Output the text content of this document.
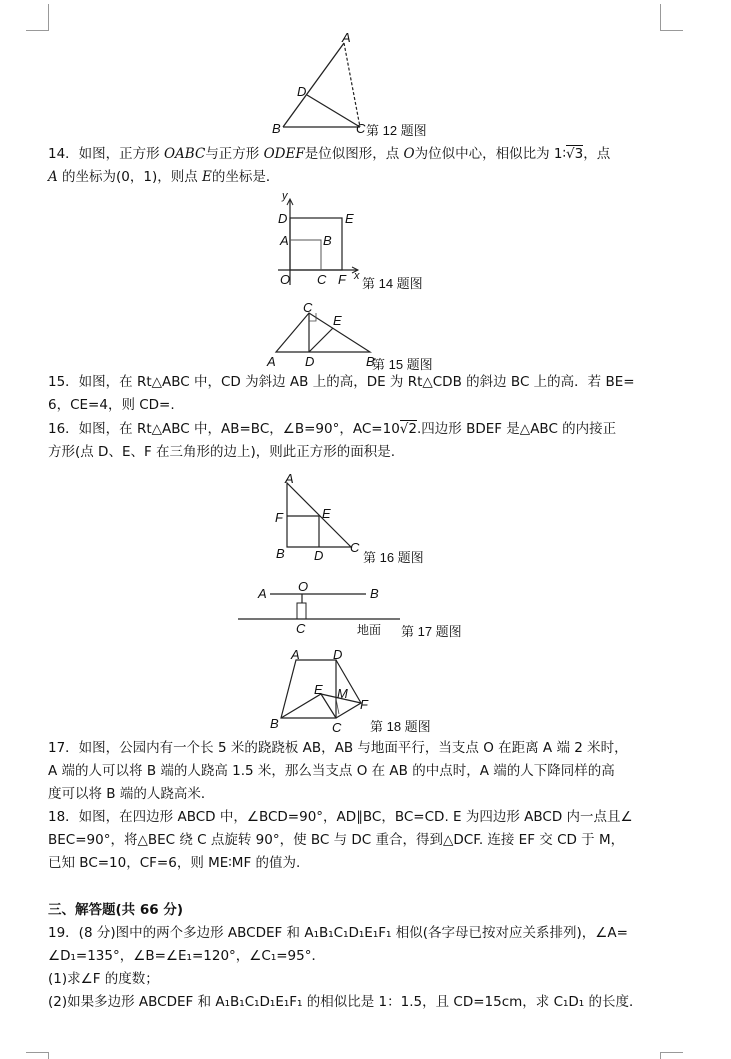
A
D
B	C 第 12 题图
14．如图，正方形 OABC与正方形 ODEF是位似图形，点 O为位似中心，相似比为 1∶√3，点
A 的坐标为(0，1)，则点 E的坐标是．
y
D	E
A	B
O C F x 第 14 题图
C
E
A D	B
第 15 题图
15．如图，在 Rt△ABC 中，CD 为斜边 AB 上的高，DE 为 Rt△CDB 的斜边 BC 上的高．若 BE=
6，CE=4，则 CD=.
16．如图，在 Rt△ABC 中，AB=BC，∠B=90°，AC=10√2.四边形 BDEF 是△ABC 的内接正
方形(点 D、E、F 在三角形的边上)，则此正方形的面积是.
A
F	E
B D
C
第 16 题图
A O	B
C	地面 第 17 题图
A	D
E M
F
B	C 第 18 题图
17．如图，公园内有一个长 5 米的跷跷板 AB，AB 与地面平行，当支点 O 在距离 A 端 2 米时，
A 端的人可以将 B 端的人跷高 1.5 米，那么当支点 O 在 AB 的中点时，A 端的人下降同样的高
度可以将 B 端的人跷高米．
18．如图，在四边形 ABCD 中，∠BCD=90°，AD∥BC，BC=CD. E 为四边形 ABCD 内一点且∠
BEC=90°，将△BEC 绕 C 点旋转 90°，使 BC 与 DC 重合，得到△DCF. 连接 EF 交 CD 于 M，
已知 BC=10，CF=6，则 ME∶MF 的值为.
三、解答题(共 66 分)
19．(8 分)图中的两个多边形 ABCDEF 和 A₁B₁C₁D₁E₁F₁ 相似(各字母已按对应关系排列)，∠A=
∠D₁=135°，∠B=∠E₁=120°，∠C₁=95°．
(1)求∠F 的度数；
(2)如果多边形 ABCDEF 和 A₁B₁C₁D₁E₁F₁ 的相似比是 1：1.5，且 CD=15cm，求 C₁D₁ 的长度．
